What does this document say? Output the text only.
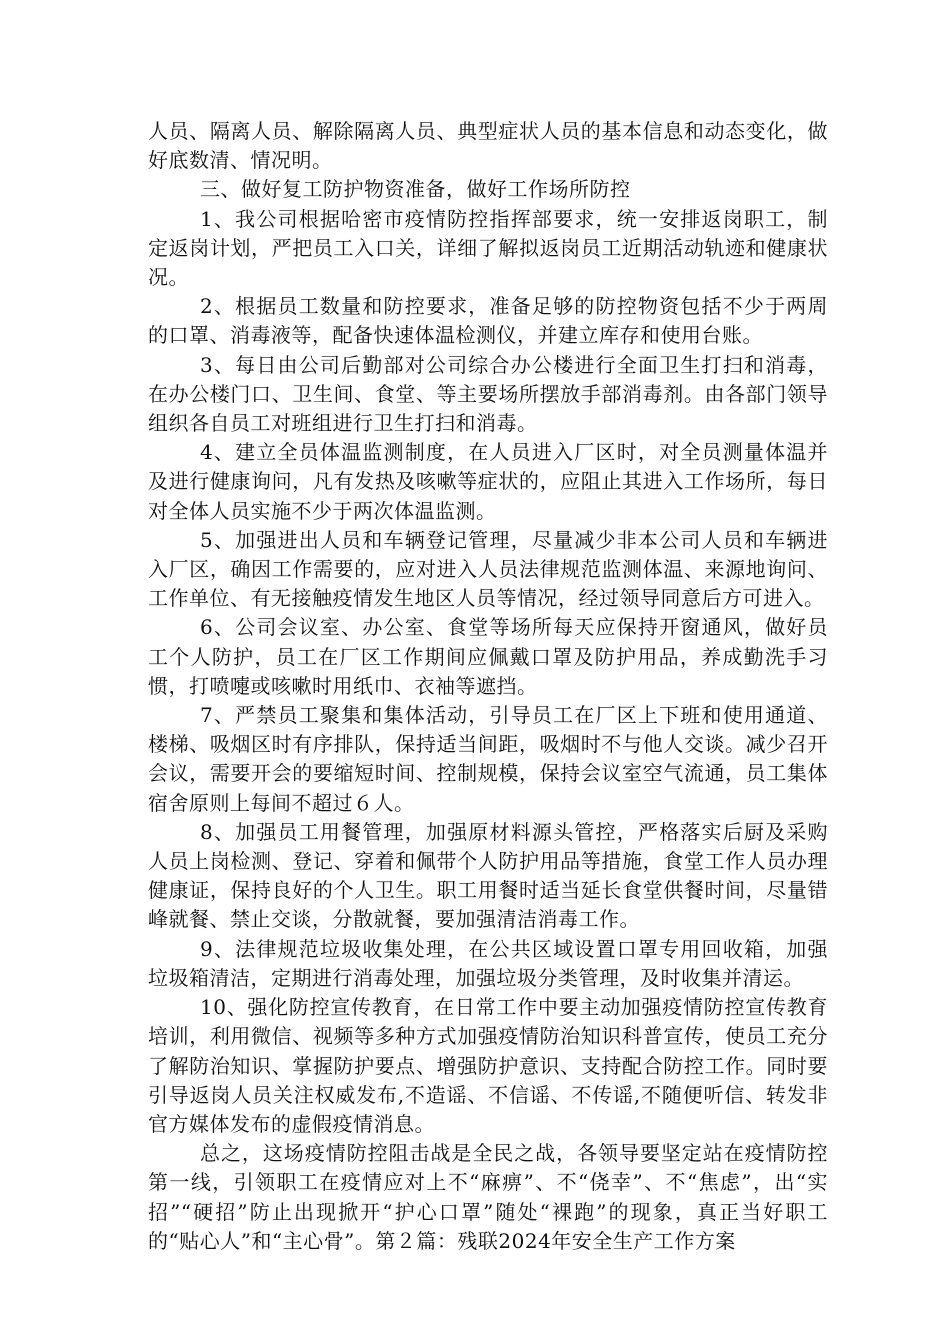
人员、隔离人员、解除隔离人员、典型症状人员的基本信息和动态变化，做好底数清、情况明。

三、做好复工防护物资准备，做好工作场所防控

1、我公司根据哈密市疫情防控指挥部要求，统一安排返岗职工，制定返岗计划，严把员工入口关，详细了解拟返岗员工近期活动轨迹和健康状况。

2、根据员工数量和防控要求，准备足够的防控物资包括不少于两周的口罩、消毒液等，配备快速体温检测仪，并建立库存和使用台账。

3、每日由公司后勤部对公司综合办公楼进行全面卫生打扫和消毒，在办公楼门口、卫生间、食堂、等主要场所摆放手部消毒剂。由各部门领导组织各自员工对班组进行卫生打扫和消毒。

4、建立全员体温监测制度，在人员进入厂区时，对全员测量体温并及进行健康询问，凡有发热及咳嗽等症状的，应阻止其进入工作场所，每日对全体人员实施不少于两次体温监测。

5、加强进出人员和车辆登记管理，尽量减少非本公司人员和车辆进入厂区，确因工作需要的，应对进入人员法律规范监测体温、来源地询问、工作单位、有无接触疫情发生地区人员等情况，经过领导同意后方可进入。

6、公司会议室、办公室、食堂等场所每天应保持开窗通风，做好员工个人防护，员工在厂区工作期间应佩戴口罩及防护用品，养成勤洗手习惯，打喷嚏或咳嗽时用纸巾、衣袖等遮挡。

7、严禁员工聚集和集体活动，引导员工在厂区上下班和使用通道、楼梯、吸烟区时有序排队，保持适当间距，吸烟时不与他人交谈。减少召开会议，需要开会的要缩短时间、控制规模，保持会议室空气流通，员工集体宿舍原则上每间不超过６人。

8、加强员工用餐管理，加强原材料源头管控，严格落实后厨及采购人员上岗检测、登记、穿着和佩带个人防护用品等措施，食堂工作人员办理健康证，保持良好的个人卫生。职工用餐时适当延长食堂供餐时间，尽量错峰就餐、禁止交谈，分散就餐，要加强清洁消毒工作。

9、法律规范垃圾收集处理，在公共区域设置口罩专用回收箱，加强垃圾箱清洁，定期进行消毒处理，加强垃圾分类管理，及时收集并清运。

10、强化防控宣传教育，在日常工作中要主动加强疫情防控宣传教育培训，利用微信、视频等多种方式加强疫情防治知识科普宣传，使员工充分了解防治知识、掌握防护要点、增强防护意识、支持配合防控工作。同时要引导返岗人员关注权威发布,不造谣、不信谣、不传谣,不随便听信、转发非官方媒体发布的虚假疫情消息。

总之，这场疫情防控阻击战是全民之战，各领导要坚定站在疫情防控第一线，引领职工在疫情应对上不“麻痹”、不“侥幸”、不“焦虑”，出“实招”“硬招”防止出现掀开“护心口罩”随处“裸跑”的现象，真正当好职工的“贴心人”和“主心骨”。第２篇：残联2024年安全生产工作方案
